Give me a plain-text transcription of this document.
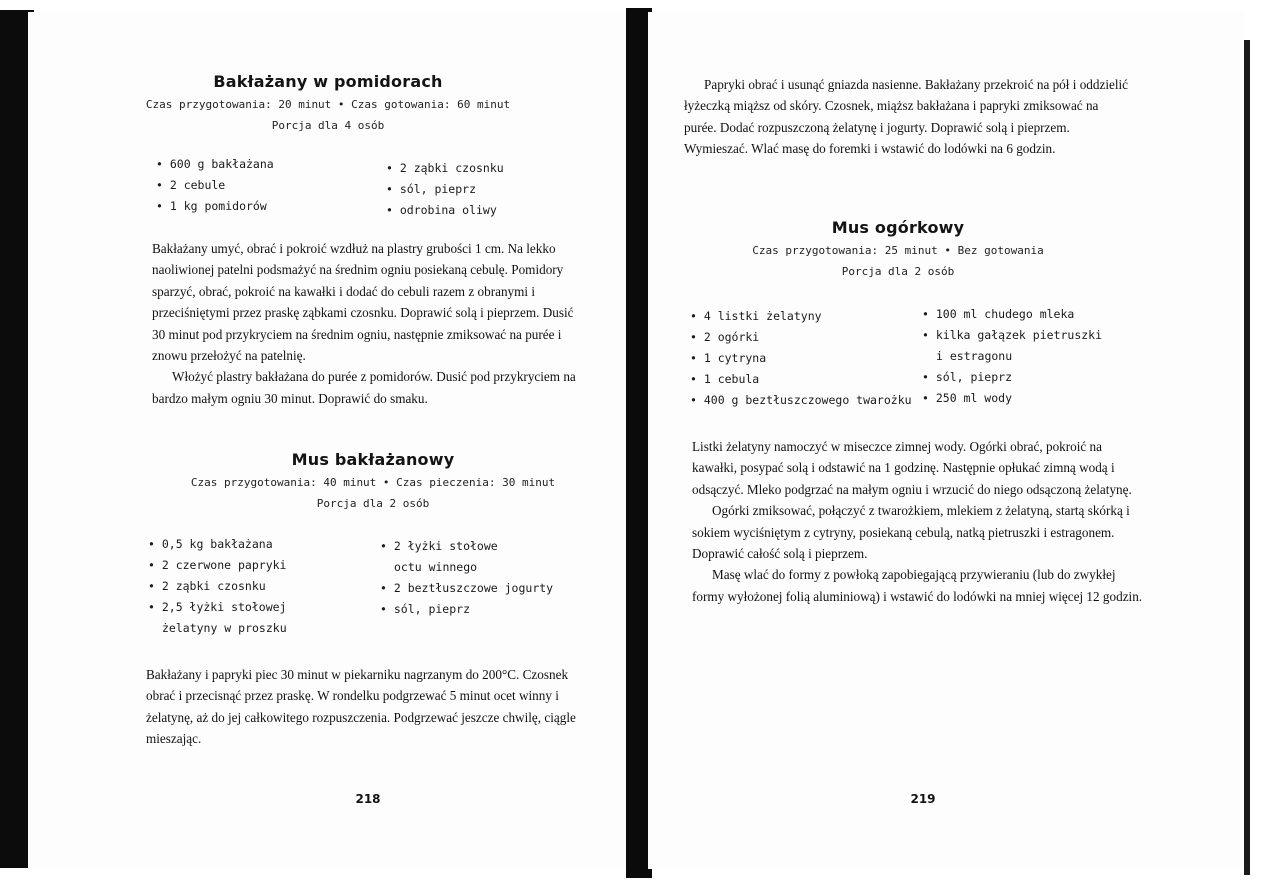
Bakłażany w pomidorach
Czas przygotowania: 20 minut • Czas gotowania: 60 minut
Porcja dla 4 osób
• 600 g bakłażana
• 2 cebule
• 1 kg pomidorów
• 2 ząbki czosnku
• sól, pieprz
• odrobina oliwy

Bakłażany umyć, obrać i pokroić wzdłuż na plastry grubości 1 cm. Na lekko naoliwionej patelni podsmażyć na średnim ogniu posiekaną cebulę. Pomidory sparzyć, obrać, pokroić na kawałki i dodać do cebuli razem z obranymi i przeciśniętymi przez praskę ząbkami czosnku. Doprawić solą i pieprzem. Dusić 30 minut pod przykryciem na średnim ogniu, następnie zmiksować na purée i znowu przełożyć na patelnię.

Włożyć plastry bakłażana do purée z pomidorów. Dusić pod przykryciem na bardzo małym ogniu 30 minut. Doprawić do smaku.

Mus bakłażanowy
Czas przygotowania: 40 minut • Czas pieczenia: 30 minut
Porcja dla 2 osób
• 0,5 kg bakłażana
• 2 czerwone papryki
• 2 ząbki czosnku
• 2,5 łyżki stołowej
żelatyny w proszku
• 2 łyżki stołowe
octu winnego
• 2 beztłuszczowe jogurty
• sól, pieprz

Bakłażany i papryki piec 30 minut w piekarniku nagrzanym do 200°C. Czosnek obrać i przecisnąć przez praskę. W rondelku podgrzewać 5 minut ocet winny i żelatynę, aż do jej całkowitego rozpuszczenia. Podgrzewać jeszcze chwilę, ciągle mieszając.

218

Papryki obrać i usunąć gniazda nasienne. Bakłażany przekroić na pół i oddzielić łyżeczką miąższ od skóry. Czosnek, miąższ bakłażana i papryki zmiksować na purée. Dodać rozpuszczoną żelatynę i jogurty. Doprawić solą i pieprzem. Wymieszać. Wlać masę do foremki i wstawić do lodówki na 6 godzin.

Mus ogórkowy
Czas przygotowania: 25 minut • Bez gotowania
Porcja dla 2 osób
• 4 listki żelatyny
• 2 ogórki
• 1 cytryna
• 1 cebula
• 400 g beztłuszczowego twarożku
• 100 ml chudego mleka
• kilka gałązek pietruszki
i estragonu
• sól, pieprz
• 250 ml wody

Listki żelatyny namoczyć w miseczce zimnej wody. Ogórki obrać, pokroić na kawałki, posypać solą i odstawić na 1 godzinę. Następnie opłukać zimną wodą i odsączyć. Mleko podgrzać na małym ogniu i wrzucić do niego odsączoną żelatynę.

Ogórki zmiksować, połączyć z twarożkiem, mlekiem z żelatyną, startą skórką i sokiem wyciśniętym z cytryny, posiekaną cebulą, natką pietruszki i estragonem. Doprawić całość solą i pieprzem.

Masę wlać do formy z powłoką zapobiegającą przywieraniu (lub do zwykłej formy wyłożonej folią aluminiową) i wstawić do lodówki na mniej więcej 12 godzin.

219
